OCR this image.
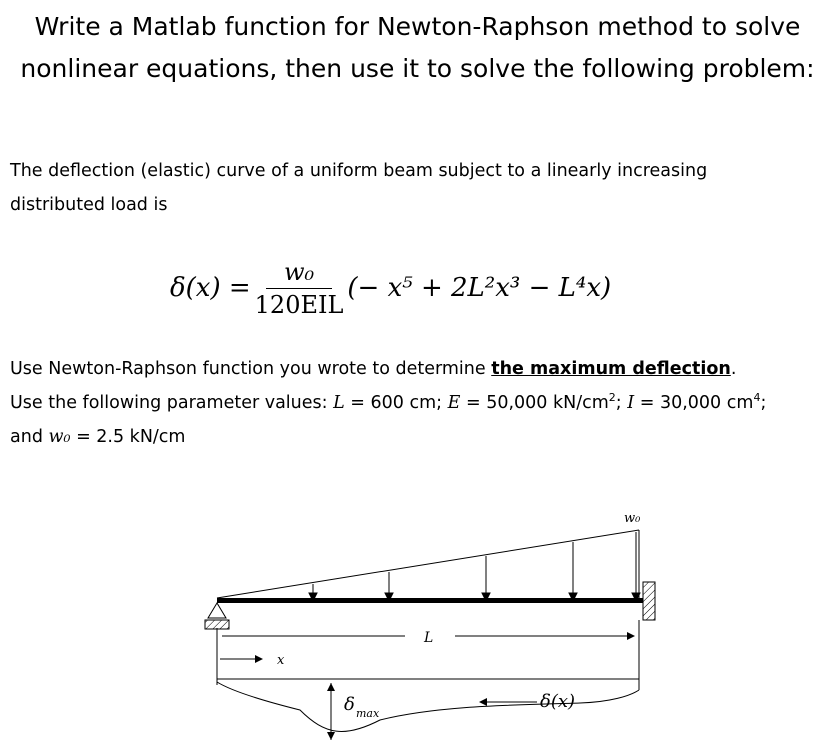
Write a Matlab function for Newton-Raphson method to solve
nonlinear equations, then use it to solve the following problem:
The deflection (elastic) curve of a uniform beam subject to a linearly increasing
distributed load is
$\delta(x) = \frac{\text{w₀}}{\text{120EIL}}$ (− x⁵ + 2L²x³ − L⁴x)
Use Newton-Raphson function you wrote to determine the maximum deflection.
Use the following parameter values: L = 600 cm; E = 50,000 $kN/cm^2$; I = 30,000 $cm^4$;
and w₀ = 2.5 kN/cm
w₀
L
x
δ max
δ(x)
